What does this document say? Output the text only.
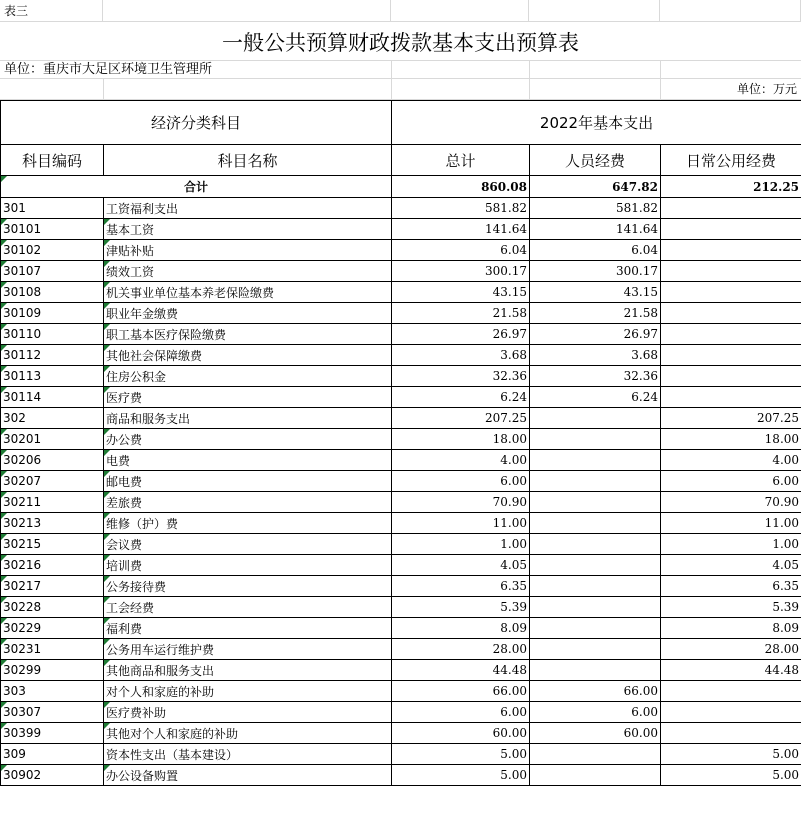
表三
一般公共预算财政拨款基本支出预算表
单位：重庆市大足区环境卫生管理所
单位：万元
经济分类科目		2022年基本支出		
科目编码	科目名称	总计	人员经费	日常公用经费

合计		860.08	647.82	212.25
301	工资福利支出	581.82	581.82	

30101	基本工资	141.64	141.64	

30102	津贴补贴	6.04	6.04	

30107	绩效工资	300.17	300.17	

30108	机关事业单位基本养老保险缴费	43.15	43.15	

30109	职业年金缴费	21.58	21.58	

30110	职工基本医疗保险缴费	26.97	26.97	

30112	其他社会保障缴费	3.68	3.68	

30113	住房公积金	32.36	32.36	

30114	医疗费	6.24	6.24	
302	商品和服务支出	207.25		207.25

30201	办公费	18.00		18.00

30206	电费	4.00		4.00

30207	邮电费	6.00		6.00

30211	差旅费	70.90		70.90

30213	维修（护）费	11.00		11.00

30215	会议费	1.00		1.00

30216	培训费	4.05		4.05

30217	公务接待费	6.35		6.35

30228	工会经费	5.39		5.39

30229	福利费	8.09		8.09

30231	公务用车运行维护费	28.00		28.00

30299	其他商品和服务支出	44.48		44.48
303	对个人和家庭的补助	66.00	66.00	

30307	医疗费补助	6.00	6.00	

30399	其他对个人和家庭的补助	60.00	60.00	
309	资本性支出（基本建设）	5.00		5.00

30902	办公设备购置	5.00		5.00
